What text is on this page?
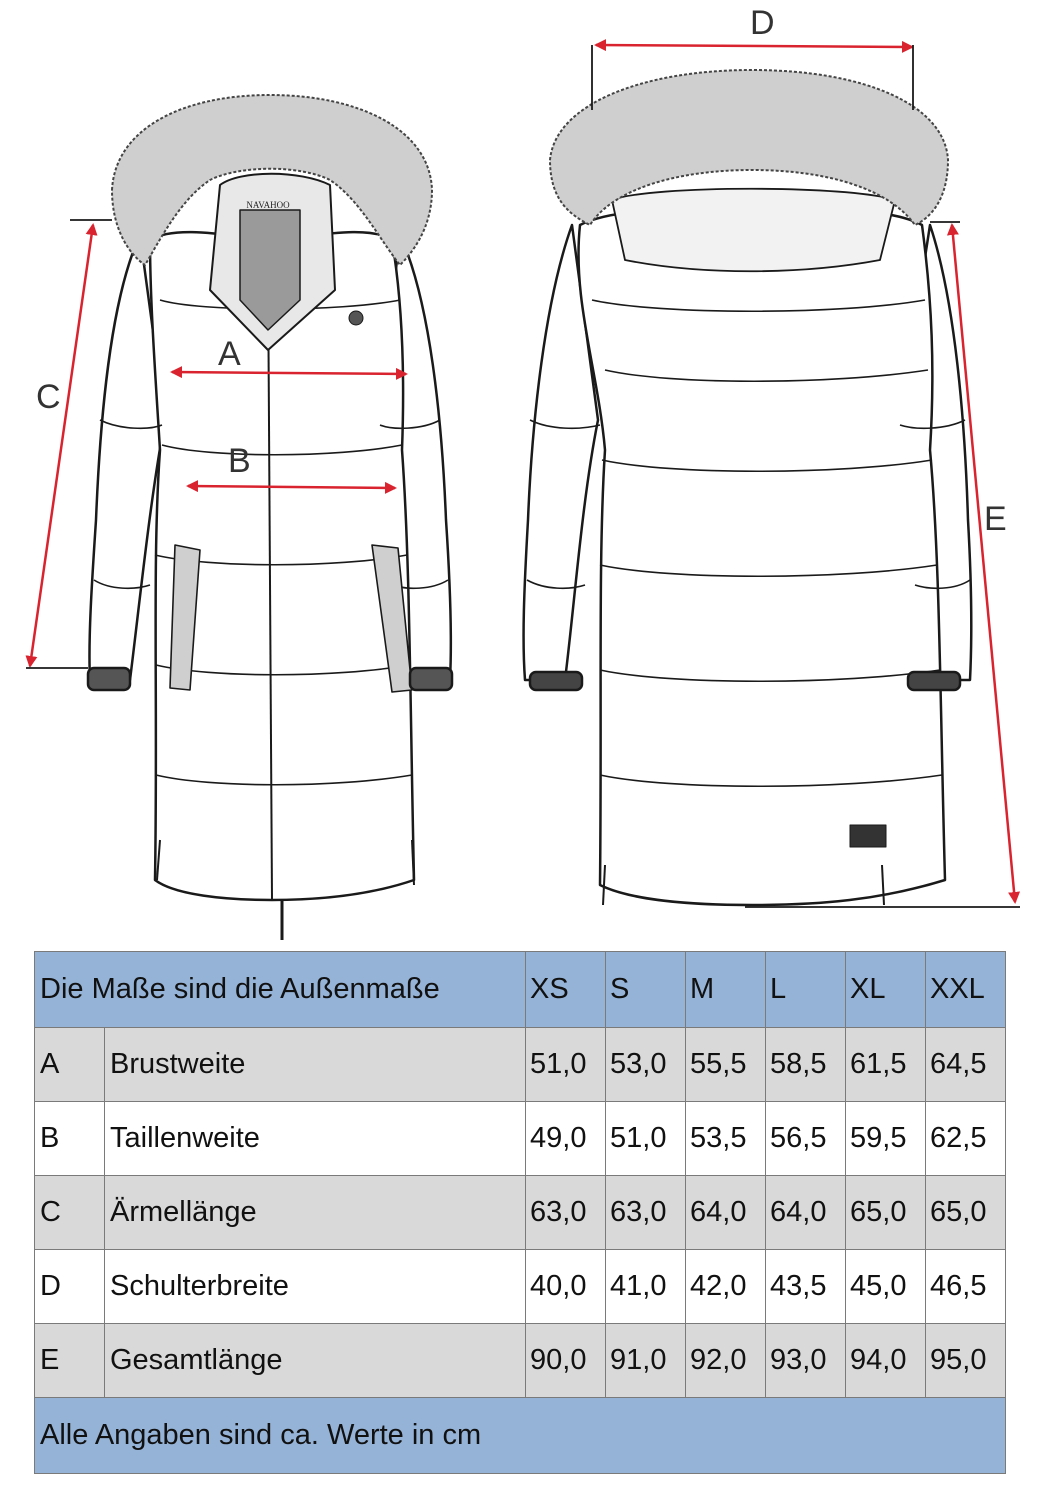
NAVAHOO
A
B
C
D
E
Die Maße sind die Außenmaße		XS	S	M	L	XL	XXL
A	Brustweite	51,0	53,0	55,5	58,5	61,5	64,5
B	Taillenweite	49,0	51,0	53,5	56,5	59,5	62,5
C	Ärmellänge	63,0	63,0	64,0	64,0	65,0	65,0
D	Schulterbreite	40,0	41,0	42,0	43,5	45,0	46,5
E	Gesamtlänge	90,0	91,0	92,0	93,0	94,0	95,0
Alle Angaben sind ca. Werte in cm							
